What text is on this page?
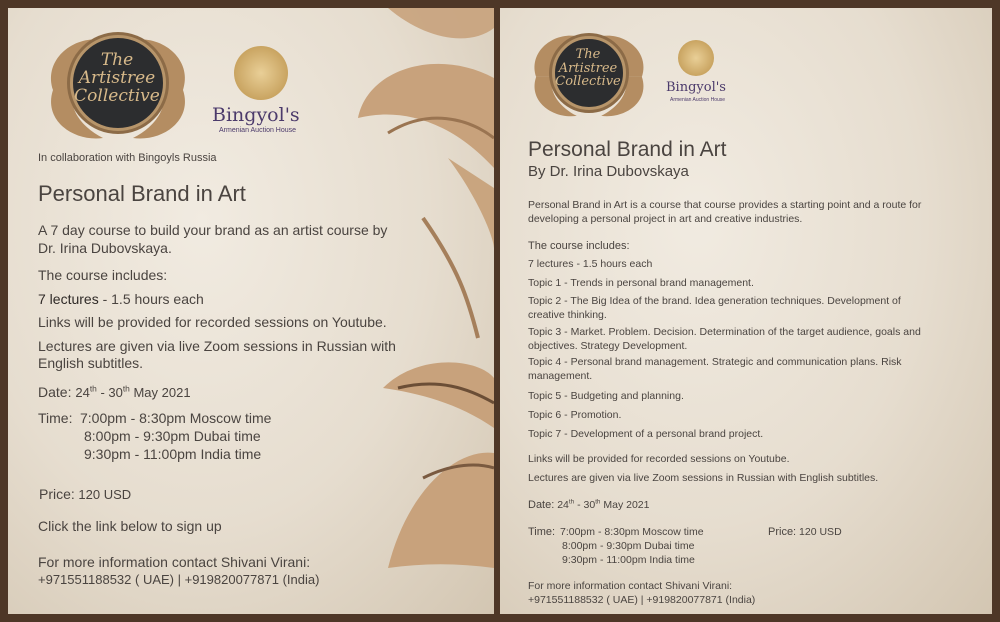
The Artistree Collective
Bingyol's
Armenian Auction House
In collaboration with Bingoyls Russia
Personal Brand in Art
A 7 day course to build your brand as an artist course by
Dr. Irina Dubovskaya.
The course includes:
7 lectures - 1.5 hours each
Links will be provided for recorded sessions on Youtube.
Lectures are given via live Zoom sessions in Russian with
English subtitles.
Date: 24th - 30th May 2021
Time: 7:00pm - 8:30pm Moscow time
8:00pm - 9:30pm Dubai time
9:30pm - 11:00pm India time
Price: 120 USD
Click the link below to sign up
For more information contact Shivani Virani:
+971551188532 ( UAE) | +919820077871 (India)
The Artistree Collective	Bingyol's
Armenian Auction House
Personal Brand in Art
By Dr. Irina Dubovskaya
Personal Brand in Art is a course that course provides a starting point and a route for
developing a personal project in art and creative industries.
The course includes:
7 lectures - 1.5 hours each
Topic 1 - Trends in personal brand management.
Topic 2 - The Big Idea of the brand. Idea generation techniques. Development of
creative thinking.
Topic 3 - Market. Problem. Decision. Determination of the target audience, goals and
objectives. Strategy Development.
Topic 4 - Personal brand management. Strategic and communication plans. Risk
management.
Topic 5 - Budgeting and planning.
Topic 6 - Promotion.
Topic 7 - Development of a personal brand project.
Links will be provided for recorded sessions on Youtube.
Lectures are given via live Zoom sessions in Russian with English subtitles.
Date: 24th - 30th May 2021
Time: 7:00pm - 8:30pm Moscow time
8:00pm - 9:30pm Dubai time
9:30pm - 11:00pm India time
Price: 120 USD
For more information contact Shivani Virani:
+971551188532 ( UAE) | +919820077871 (India)
